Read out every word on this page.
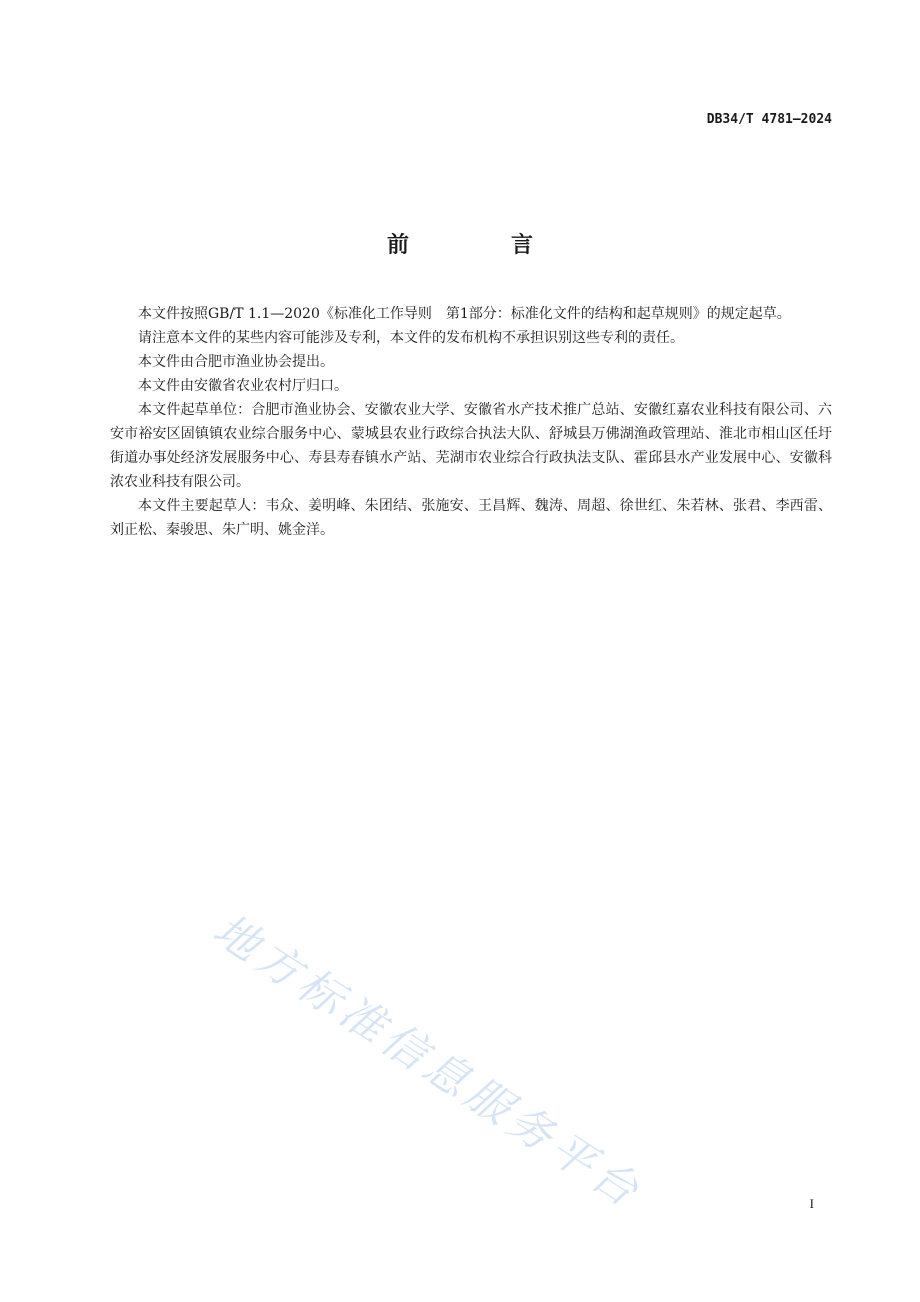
DB34/T 4781—2024
前　言

本文件按照GB/T 1.1—2020《标准化工作导则　第1部分：标准化文件的结构和起草规则》的规定起草。

请注意本文件的某些内容可能涉及专利，本文件的发布机构不承担识别这些专利的责任。

本文件由合肥市渔业协会提出。

本文件由安徽省农业农村厅归口。

本文件起草单位：合肥市渔业协会、安徽农业大学、安徽省水产技术推广总站、安徽红嘉农业科技有限公司、六安市裕安区固镇镇农业综合服务中心、蒙城县农业行政综合执法大队、舒城县万佛湖渔政管理站、淮北市相山区任圩街道办事处经济发展服务中心、寿县寿春镇水产站、芜湖市农业综合行政执法支队、霍邱县水产业发展中心、安徽科浓农业科技有限公司。

本文件主要起草人：韦众、姜明峰、朱团结、张施安、王昌辉、魏涛、周超、徐世红、朱若林、张君、李西雷、刘正松、秦骏思、朱广明、姚金洋。

地方标准信息服务平台	I
